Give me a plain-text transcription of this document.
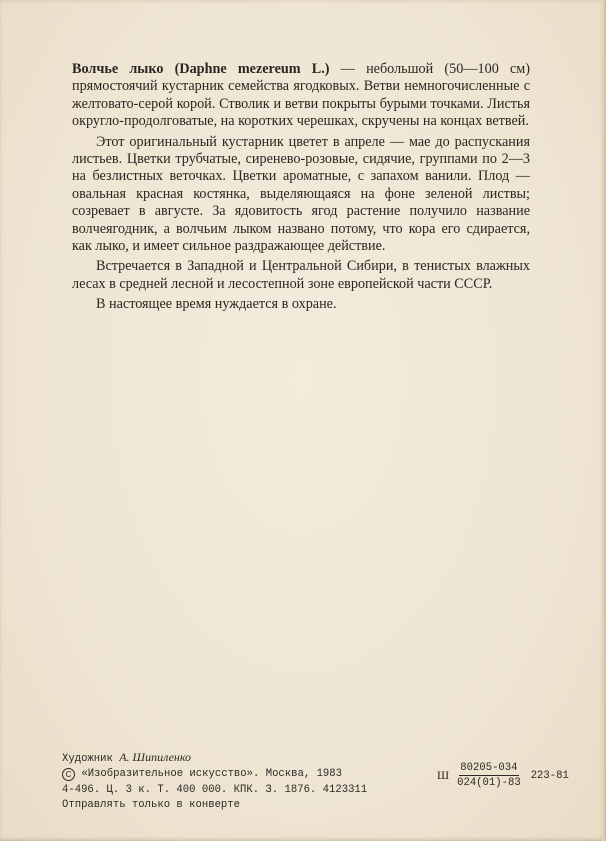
Волчье лыко (Daphne mezereum L.) — небольшой (50—100 см) прямостоячий кустарник семейства ягодковых. Ветви немногочисленные с желтовато-серой корой. Стволик и ветви покрыты бурыми точками. Листья округло-продолговатые, на коротких черешках, скручены на концах ветвей.

Этот оригинальный кустарник цветет в апреле — мае до распускания листьев. Цветки трубчатые, сиренево-розовые, сидячие, группами по 2—3 на безлистных веточках. Цветки ароматные, с запахом ванили. Плод — овальная красная костянка, выделяющаяся на фоне зеленой листвы; созревает в августе. За ядовитость ягод растение получило название волчеягодник, а волчьим лыком названо потому, что кора его сдирается, как лыко, и имеет сильное раздражающее действие.

Встречается в Западной и Центральной Сибири, в тенистых влажных лесах в средней лесной и лесостепной зоне европейской части СССР.

В настоящее время нуждается в охране.

Художник А. Шипиленко
C «Изобразительное искусство». Москва, 1983
4-496. Ц. 3 к. Т. 400 000. КПК. З. 1876. 4123311
Отправлять только в конверте
Ш $\frac{80205-034}{024(01)-83} 223-81$
